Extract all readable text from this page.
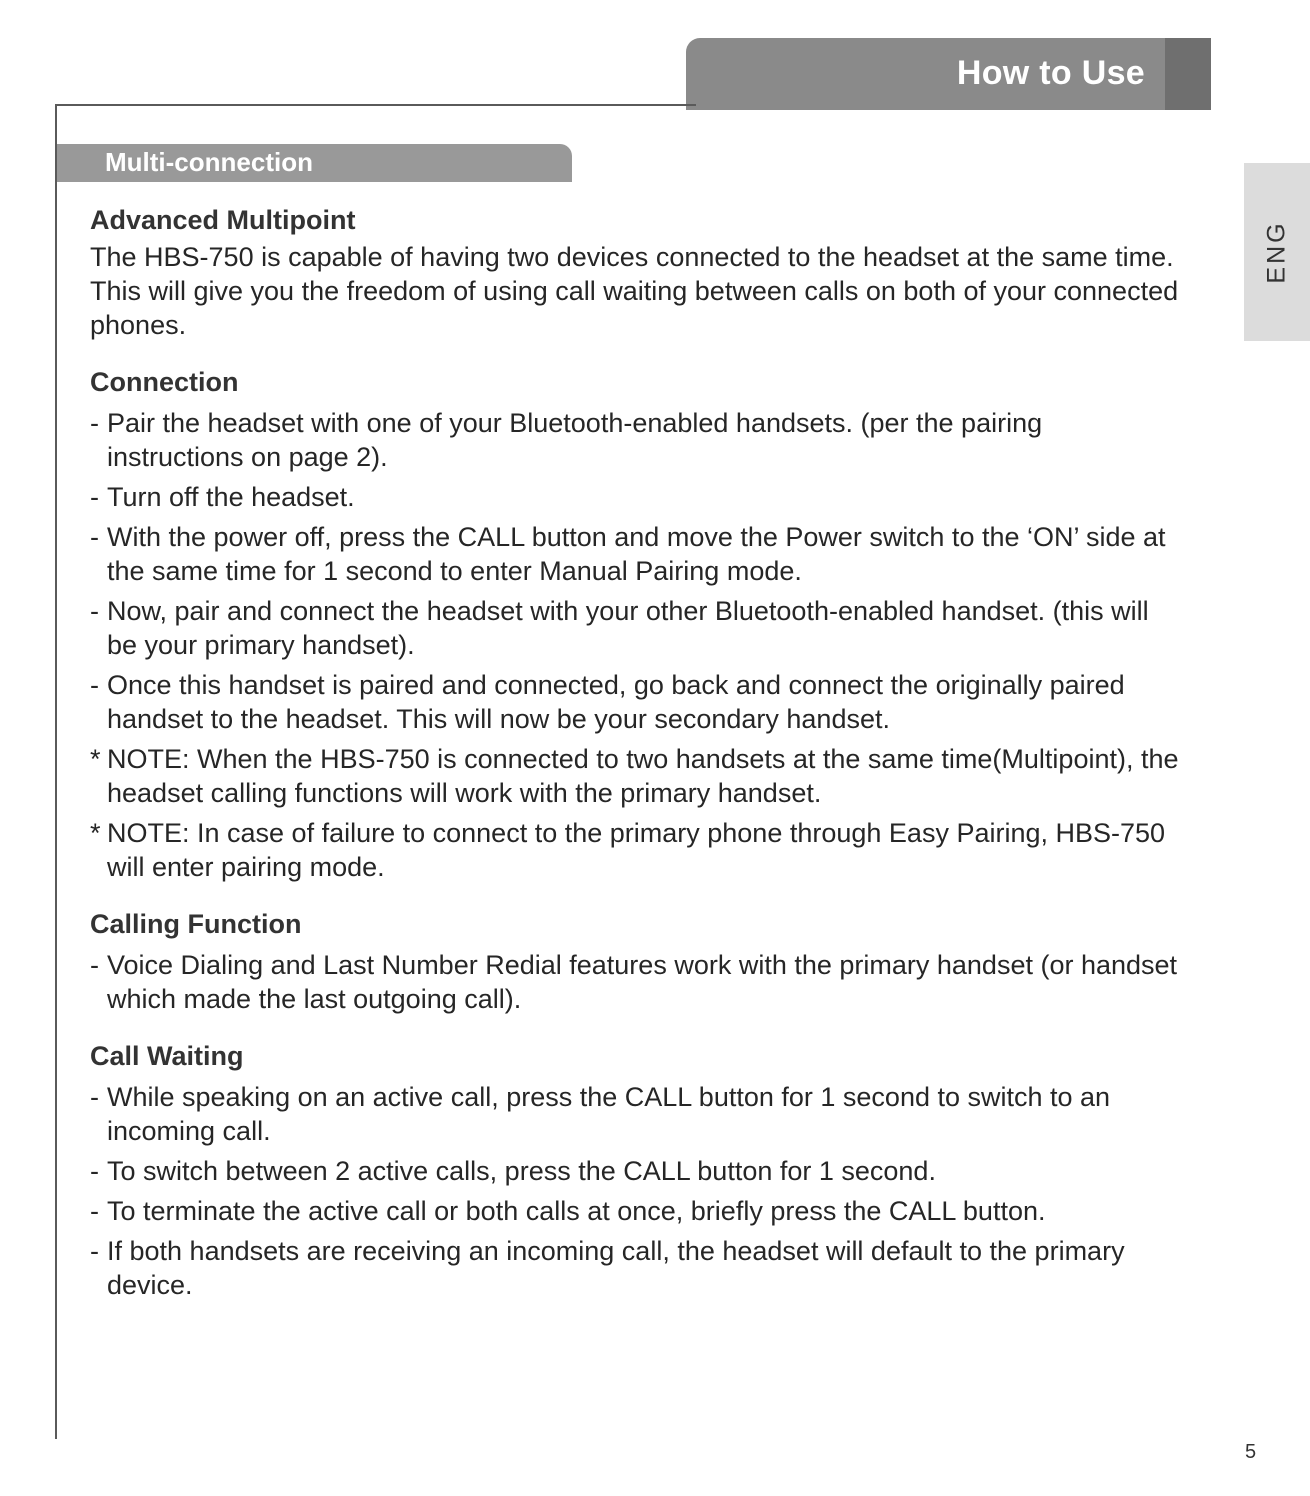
How to Use
Multi-connection
ENG
Advanced Multipoint

The HBS-750 is capable of having two devices connected to the headset at the same time. This will give you the freedom of using call waiting between calls on both of your connected phones.

Connection
- Pair the headset with one of your Bluetooth-enabled handsets. (per the pairing instructions on page 2).
- Turn off the headset.
- With the power off, press the CALL button and move the Power switch to the ‘ON’ side at the same time for 1 second to enter Manual Pairing mode.
- Now, pair and connect the headset with your other Bluetooth-enabled handset. (this will be your primary handset).
- Once this handset is paired and connected, go back and connect the originally paired handset to the headset. This will now be your secondary handset.
* NOTE: When the HBS-750 is connected to two handsets at the same time(Multipoint), the headset calling functions will work with the primary handset.
* NOTE: In case of failure to connect to the primary phone through Easy Pairing, HBS-750 will enter pairing mode.
Calling Function
- Voice Dialing and Last Number Redial features work with the primary handset (or handset which made the last outgoing call).
Call Waiting
- While speaking on an active call, press the CALL button for 1 second to switch to an incoming call.
- To switch between 2 active calls, press the CALL button for 1 second.
- To terminate the active call or both calls at once, briefly press the CALL button.
- If both handsets are receiving an incoming call, the headset will default to the primary device.
5
